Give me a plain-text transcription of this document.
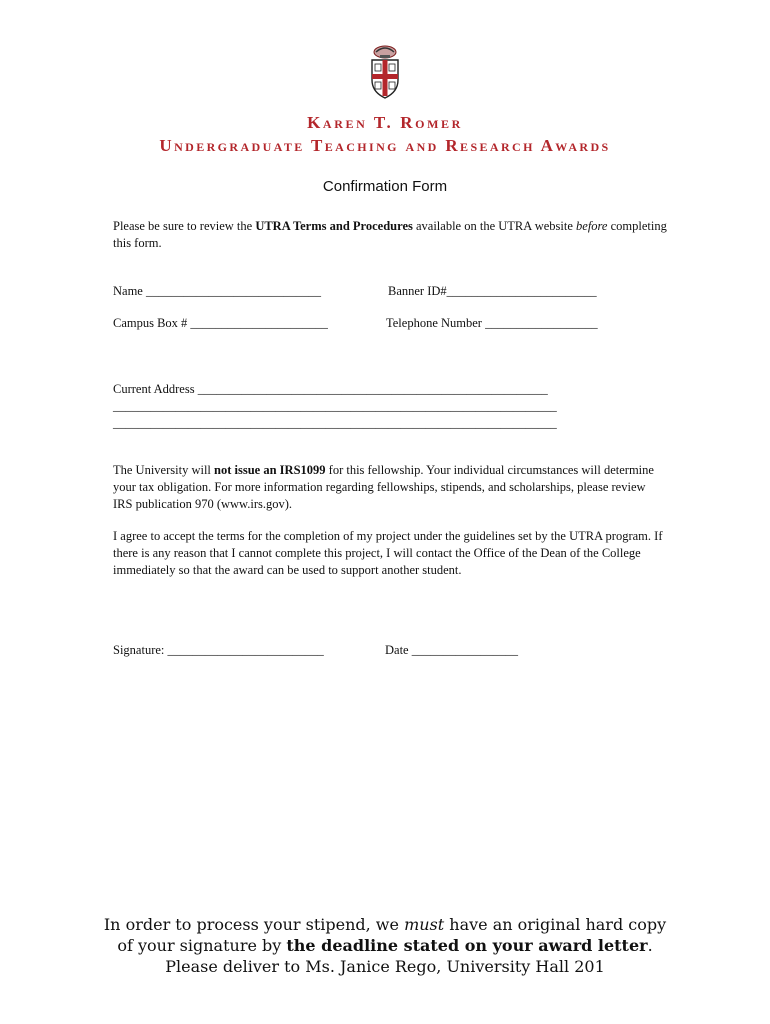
Karen T. Romer
Undergraduate Teaching and Research Awards
Confirmation Form
Please be sure to review the UTRA Terms and Procedures available on the UTRA website before completing this form.
Name ____________________________	Banner ID#________________________
Campus Box # ______________________	Telephone Number __________________
Current Address ________________________________________________________
_______________________________________________________________________
_______________________________________________________________________
The University will not issue an IRS1099 for this fellowship. Your individual circumstances will determine your tax obligation. For more information regarding fellowships, stipends, and scholarships, please review IRS publication 970 (www.irs.gov).
I agree to accept the terms for the completion of my project under the guidelines set by the UTRA program. If there is any reason that I cannot complete this project, I will contact the Office of the Dean of the College immediately so that the award can be used to support another student.
Signature: _________________________	Date _________________
In order to process your stipend, we must have an original hard copy
of your signature by the deadline stated on your award letter.
Please deliver to Ms. Janice Rego, University Hall 201
